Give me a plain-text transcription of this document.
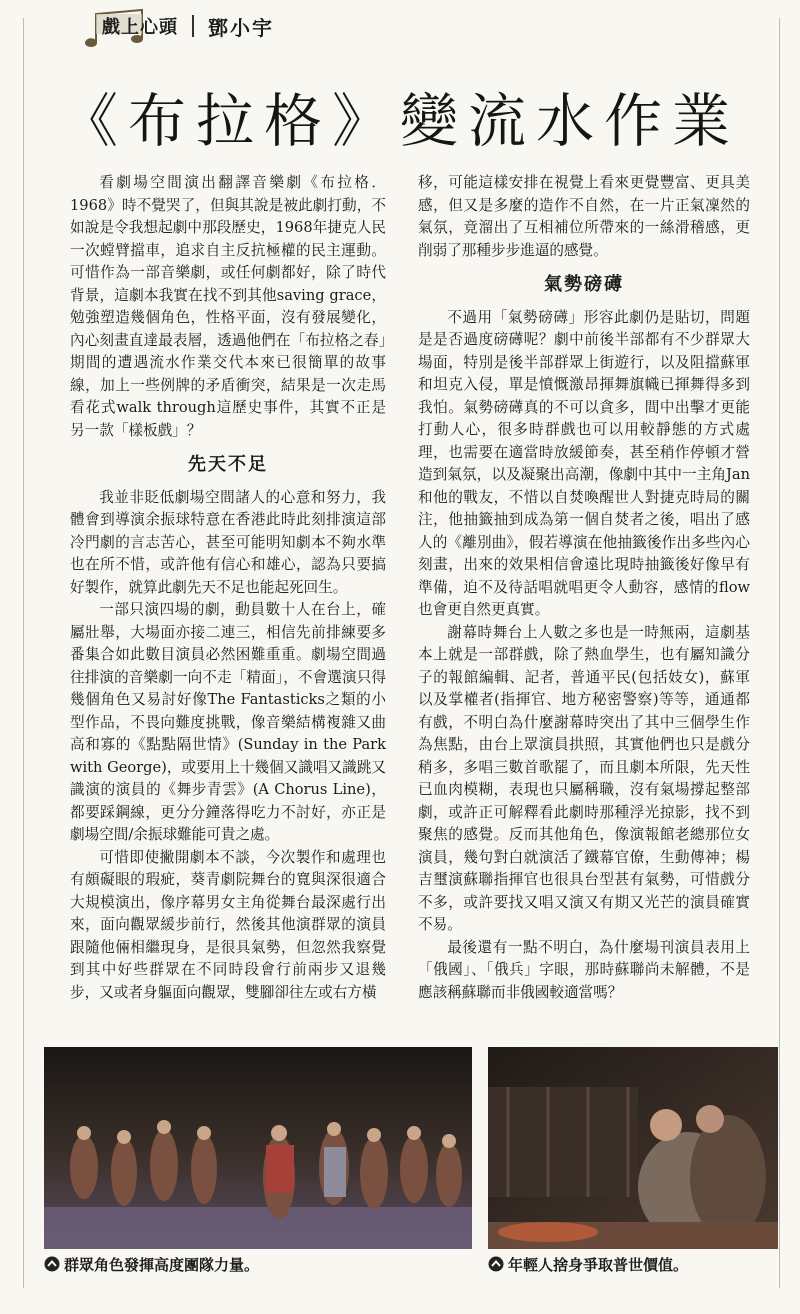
戲上心頭 鄧小宇
《布拉格》變流水作業

看劇場空間演出翻譯音樂劇《布拉格．1968》時不覺哭了，但與其說是被此劇打動，不如說是令我想起劇中那段歷史，1968年捷克人民一次螳臂擋車，追求自主反抗極權的民主運動。可惜作為一部音樂劇，或任何劇都好，除了時代背景，這劇本我實在找不到其他saving grace，勉強塑造幾個角色，性格平面，沒有發展變化，內心刻畫直達最表層，透過他們在「布拉格之春」期間的遭遇流水作業交代本來已很簡單的故事線，加上一些例牌的矛盾衝突，結果是一次走馬看花式walk through這歷史事件，其實不正是另一款「樣板戲」？

先天不足

我並非貶低劇場空間諸人的心意和努力，我體會到導演余振球特意在香港此時此刻排演這部冷門劇的言志苦心，甚至可能明知劇本不夠水準也在所不惜，或許他有信心和雄心，認為只要搞好製作，就算此劇先天不足也能起死回生。

一部只演四場的劇，動員數十人在台上，確屬壯舉，大場面亦接二連三，相信先前排練要多番集合如此數目演員必然困難重重。劇場空間過往排演的音樂劇一向不走「精面」，不會選演只得幾個角色又易討好像The Fantasticks之類的小型作品，不畏向難度挑戰，像音樂結構複雜又曲高和寡的《點點隔世情》(Sunday in the Park with George)，或要用上十幾個又識唱又識跳又識演的演員的《舞步青雲》(A Chorus Line)，都要踩鋼線，更分分鐘落得吃力不討好，亦正是劇場空間/余振球難能可貴之處。

可惜即使撇開劇本不談，今次製作和處理也有頗礙眼的瑕疵，葵青劇院舞台的寬與深很適合大規模演出，像序幕男女主角從舞台最深處行出來，面向觀眾緩步前行，然後其他演群眾的演員跟隨他倆相繼現身，是很具氣勢，但忽然我察覺到其中好些群眾在不同時段會行前兩步又退幾步，又或者身軀面向觀眾，雙腳卻往左或右方橫

移，可能這樣安排在視覺上看來更覺豐富、更具美感，但又是多麼的造作不自然，在一片正氣凜然的氣氛，竟溜出了互相補位所帶來的一絲滑稽感，更削弱了那種步步進逼的感覺。

氣勢磅礡

不過用「氣勢磅礡」形容此劇仍是貼切，問題是是否過度磅礡呢？劇中前後半部都有不少群眾大場面，特別是後半部群眾上街遊行，以及阻擋蘇軍和坦克入侵，單是憤慨激昂揮舞旗幟已揮舞得多到我怕。氣勢磅礡真的不可以貪多，間中出擊才更能打動人心，很多時群戲也可以用較靜態的方式處理，也需要在適當時放緩節奏，甚至稍作停頓才營造到氣氛，以及凝聚出高潮，像劇中其中一主角Jan和他的戰友，不惜以自焚喚醒世人對捷克時局的關注，他抽籤抽到成為第一個自焚者之後，唱出了感人的《離別曲》，假若導演在他抽籤後作出多些內心刻畫，出來的效果相信會遠比現時抽籤後好像早有準備，迫不及待話唱就唱更令人動容，感情的flow也會更自然更真實。

謝幕時舞台上人數之多也是一時無兩，這劇基本上就是一部群戲，除了熱血學生，也有屬知識分子的報館編輯、記者，普通平民(包括妓女)，蘇軍以及掌權者(指揮官、地方秘密警察)等等，通通都有戲，不明白為什麼謝幕時突出了其中三個學生作為焦點，由台上眾演員拱照，其實他們也只是戲分稍多，多唱三數首歌罷了，而且劇本所限，先天性已血肉模糊，表現也只屬稱職，沒有氣場撐起整部劇，或許正可解釋看此劇時那種浮光掠影，找不到聚焦的感覺。反而其他角色，像演報館老總那位女演員，幾句對白就演活了鐵幕官僚，生動傳神；楊吉璽演蘇聯指揮官也很具台型甚有氣勢，可惜戲分不多，或許要找又唱又演又有期又光芒的演員確實不易。

最後還有一點不明白，為什麼場刊演員表用上「俄國」、「俄兵」字眼，那時蘇聯尚未解體，不是應該稱蘇聯而非俄國較適當嗎？

群眾角色發揮高度團隊力量。	年輕人捨身爭取普世價值。
